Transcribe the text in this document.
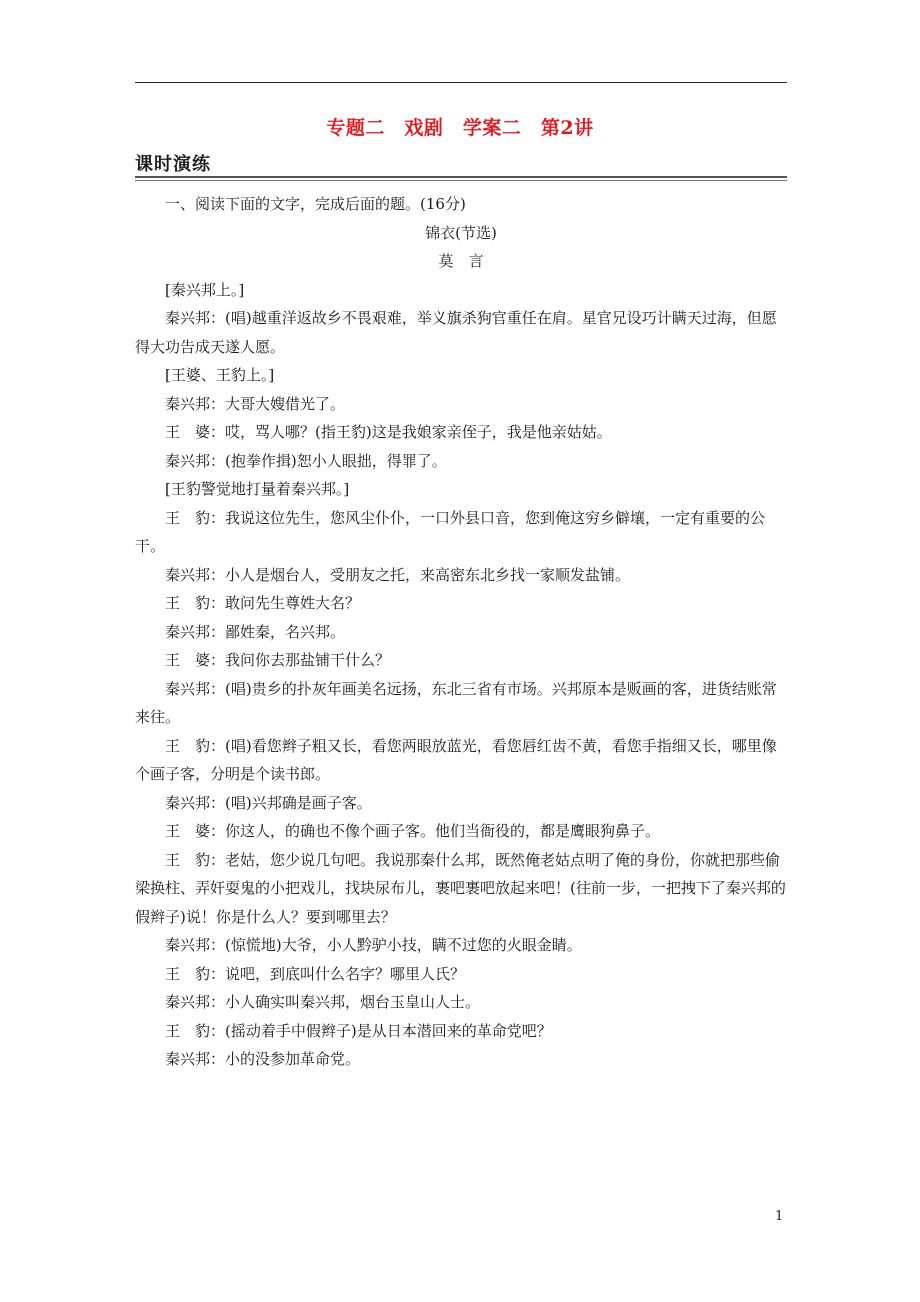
专题二　戏剧　学案二　第2讲
课时演练

一、阅读下面的文字，完成后面的题。(16分)

锦衣(节选)

莫　言

[秦兴邦上。]

秦兴邦：(唱)越重洋返故乡不畏艰难，举义旗杀狗官重任在肩。星官兄设巧计瞒天过海，但愿得大功告成天遂人愿。

[王婆、王豹上。]

秦兴邦：大哥大嫂借光了。

王　婆：哎，骂人哪？(指王豹)这是我娘家亲侄子，我是他亲姑姑。

秦兴邦：(抱拳作揖)恕小人眼拙，得罪了。

[王豹警觉地打量着秦兴邦。]

王　豹：我说这位先生，您风尘仆仆，一口外县口音，您到俺这穷乡僻壤，一定有重要的公干。

秦兴邦：小人是烟台人，受朋友之托，来高密东北乡找一家顺发盐铺。

王　豹：敢问先生尊姓大名？

秦兴邦：鄙姓秦，名兴邦。

王　婆：我问你去那盐铺干什么？

秦兴邦：(唱)贵乡的扑灰年画美名远扬，东北三省有市场。兴邦原本是贩画的客，进货结账常来往。

王　豹：(唱)看您辫子粗又长，看您两眼放蓝光，看您唇红齿不黄，看您手指细又长，哪里像个画子客，分明是个读书郎。

秦兴邦：(唱)兴邦确是画子客。

王　婆：你这人，的确也不像个画子客。他们当衙役的，都是鹰眼狗鼻子。

王　豹：老姑，您少说几句吧。我说那秦什么邦，既然俺老姑点明了俺的身份，你就把那些偷梁换柱、弄奸耍鬼的小把戏儿，找块尿布儿，裹吧裹吧放起来吧！(往前一步，一把拽下了秦兴邦的假辫子)说！你是什么人？要到哪里去？

秦兴邦：(惊慌地)大爷，小人黔驴小技，瞒不过您的火眼金睛。

王　豹：说吧，到底叫什么名字？哪里人氏？

秦兴邦：小人确实叫秦兴邦，烟台玉皇山人士。

王　豹：(摇动着手中假辫子)是从日本潜回来的革命党吧？

秦兴邦：小的没参加革命党。

1
